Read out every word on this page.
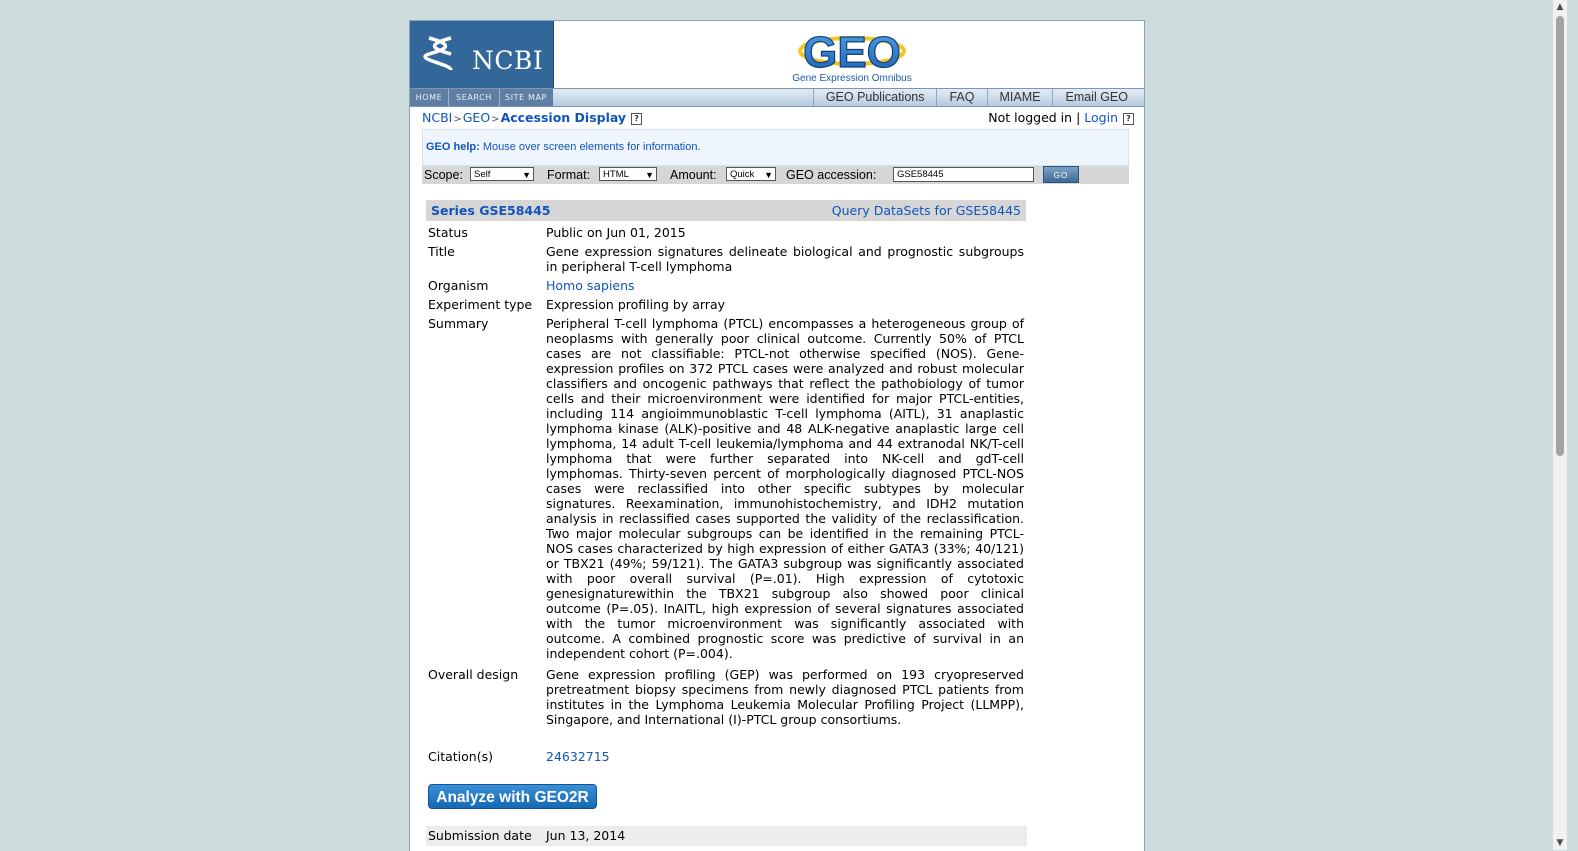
NCBI	GEO
Gene Expression Omnibus
HOME SEARCH SITE MAP	GEO Publications FAQ MIAME Email GEO
NCBI>GEO>Accession Display ?	Not logged in | Login ?
GEO help: Mouse over screen elements for information.
Scope:	Self	▼ Format:	HTML ▼ Amount:	Quick ▼ GEO accession:	GSE58445	GO
Series GSE58445	Query DataSets for GSE58445
Status	Public on Jun 01, 2015
Title	Gene expression signatures delineate biological and prognostic subgroups in peripheral T-cell lymphoma
Organism	Homo sapiens
Experiment type	Expression profiling by array
Summary	Peripheral T-cell lymphoma (PTCL) encompasses a heterogeneous group of neoplasms with generally poor clinical outcome. Currently 50% of PTCL cases are not classifiable: PTCL-not otherwise specified (NOS). Gene-expression profiles on 372 PTCL cases were analyzed and robust molecular classifiers and oncogenic pathways that reflect the pathobiology of tumor cells and their microenvironment were identified for major PTCL-entities, including 114 angioimmunoblastic T-cell lymphoma (AITL), 31 anaplastic lymphoma kinase (ALK)-positive and 48 ALK-negative anaplastic large cell lymphoma, 14 adult T-cell leukemia/lymphoma and 44 extranodal NK/T-cell lymphoma that were further separated into NK-cell and gdT-cell lymphomas. Thirty-seven percent of morphologically diagnosed PTCL-NOS cases were reclassified into other specific subtypes by molecular signatures. Reexamination, immunohistochemistry, and IDH2 mutation analysis in reclassified cases supported the validity of the reclassification. Two major molecular subgroups can be identified in the remaining PTCL-NOS cases characterized by high expression of either GATA3 (33%; 40/121) or TBX21 (49%; 59/121). The GATA3 subgroup was significantly associated with poor overall survival (P=.01). High expression of cytotoxic genesignaturewithin the TBX21 subgroup also showed poor clinical outcome (P=.05). InAITL, high expression of several signatures associated with the tumor microenvironment was significantly associated with outcome. A combined prognostic score was predictive of survival in an independent cohort (P=.004).
Overall design	Gene expression profiling (GEP) was performed on 193 cryopreserved pretreatment biopsy specimens from newly diagnosed PTCL patients from institutes in the Lymphoma Leukemia Molecular Profiling Project (LLMPP), Singapore, and International (I)-PTCL group consortiums.
Citation(s)	24632715
Analyze with GEO2R
Submission date	Jun 13, 2014
▲
▼
